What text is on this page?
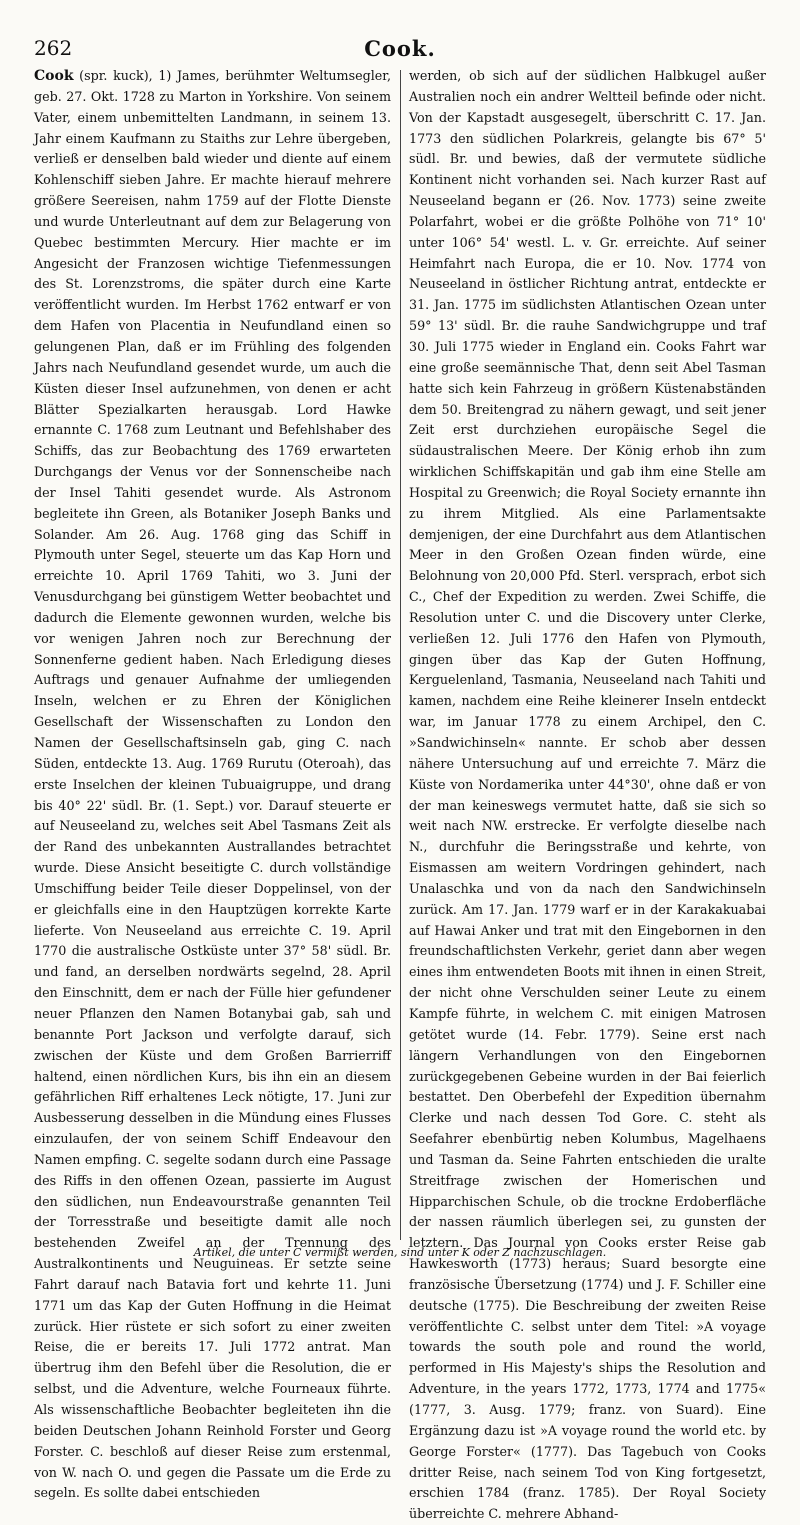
262	Cook.

Cook (spr. kuck), 1) James, berühmter Weltumsegler, geb. 27. Okt. 1728 zu Marton in Yorkshire. Von seinem Vater, einem unbemittelten Landmann, in seinem 13. Jahr einem Kaufmann zu Staiths zur Lehre übergeben, verließ er denselben bald wieder und diente auf einem Kohlenschiff sieben Jahre. Er machte hierauf mehrere größere Seereisen, nahm 1759 auf der Flotte Dienste und wurde Unterleutnant auf dem zur Belagerung von Quebec bestimmten Mercury. Hier machte er im Angesicht der Franzosen wichtige Tiefenmessungen des St. Lorenzstroms, die später durch eine Karte veröffentlicht wurden. Im Herbst 1762 entwarf er von dem Hafen von Placentia in Neufundland einen so gelungenen Plan, daß er im Frühling des folgenden Jahrs nach Neufundland gesendet wurde, um auch die Küsten dieser Insel aufzunehmen, von denen er acht Blätter Spezialkarten herausgab. Lord Hawke ernannte C. 1768 zum Leutnant und Befehlshaber des Schiffs, das zur Beobachtung des 1769 erwarteten Durchgangs der Venus vor der Sonnenscheibe nach der Insel Tahiti gesendet wurde. Als Astronom begleitete ihn Green, als Botaniker Joseph Banks und Solander. Am 26. Aug. 1768 ging das Schiff in Plymouth unter Segel, steuerte um das Kap Horn und erreichte 10. April 1769 Tahiti, wo 3. Juni der Venusdurchgang bei günstigem Wetter beobachtet und dadurch die Elemente gewonnen wurden, welche bis vor wenigen Jahren noch zur Berechnung der Sonnenferne gedient haben. Nach Erledigung dieses Auftrags und genauer Aufnahme der umliegenden Inseln, welchen er zu Ehren der Königlichen Gesellschaft der Wissenschaften zu London den Namen der Gesellschaftsinseln gab, ging C. nach Süden, entdeckte 13. Aug. 1769 Rurutu (Oteroah), das erste Inselchen der kleinen Tubuaigruppe, und drang bis 40° 22' südl. Br. (1. Sept.) vor. Darauf steuerte er auf Neuseeland zu, welches seit Abel Tasmans Zeit als der Rand des unbekannten Australlandes betrachtet wurde. Diese Ansicht beseitigte C. durch vollständige Umschiffung beider Teile dieser Doppelinsel, von der er gleichfalls eine in den Hauptzügen korrekte Karte lieferte. Von Neuseeland aus erreichte C. 19. April 1770 die australische Ostküste unter 37° 58' südl. Br. und fand, an derselben nordwärts segelnd, 28. April den Einschnitt, dem er nach der Fülle hier gefundener neuer Pflanzen den Namen Botanybai gab, sah und benannte Port Jackson und verfolgte darauf, sich zwischen der Küste und dem Großen Barrierriff haltend, einen nördlichen Kurs, bis ihn ein an diesem gefährlichen Riff erhaltenes Leck nötigte, 17. Juni zur Ausbesserung desselben in die Mündung eines Flusses einzulaufen, der von seinem Schiff Endeavour den Namen empfing. C. segelte sodann durch eine Passage des Riffs in den offenen Ozean, passierte im August den südlichen, nun Endeavourstraße genannten Teil der Torresstraße und beseitigte damit alle noch bestehenden Zweifel an der Trennung des Australkontinents und Neuguineas. Er setzte seine Fahrt darauf nach Batavia fort und kehrte 11. Juni 1771 um das Kap der Guten Hoffnung in die Heimat zurück. Hier rüstete er sich sofort zu einer zweiten Reise, die er bereits 17. Juli 1772 antrat. Man übertrug ihm den Befehl über die Resolution, die er selbst, und die Adventure, welche Fourneaux führte. Als wissenschaftliche Beobachter begleiteten ihn die beiden Deutschen Johann Reinhold Forster und Georg Forster. C. beschloß auf dieser Reise zum erstenmal, von W. nach O. und gegen die Passate um die Erde zu segeln. Es sollte dabei entschieden

werden, ob sich auf der südlichen Halbkugel außer Australien noch ein andrer Weltteil befinde oder nicht. Von der Kapstadt ausgesegelt, überschritt C. 17. Jan. 1773 den südlichen Polarkreis, gelangte bis 67° 5' südl. Br. und bewies, daß der vermutete südliche Kontinent nicht vorhanden sei. Nach kurzer Rast auf Neuseeland begann er (26. Nov. 1773) seine zweite Polarfahrt, wobei er die größte Polhöhe von 71° 10' unter 106° 54' westl. L. v. Gr. erreichte. Auf seiner Heimfahrt nach Europa, die er 10. Nov. 1774 von Neuseeland in östlicher Richtung antrat, entdeckte er 31. Jan. 1775 im südlichsten Atlantischen Ozean unter 59° 13' südl. Br. die rauhe Sandwichgruppe und traf 30. Juli 1775 wieder in England ein. Cooks Fahrt war eine große seemännische That, denn seit Abel Tasman hatte sich kein Fahrzeug in größern Küstenabständen dem 50. Breitengrad zu nähern gewagt, und seit jener Zeit erst durchziehen europäische Segel die südaustralischen Meere. Der König erhob ihn zum wirklichen Schiffskapitän und gab ihm eine Stelle am Hospital zu Greenwich; die Royal Society ernannte ihn zu ihrem Mitglied. Als eine Parlamentsakte demjenigen, der eine Durchfahrt aus dem Atlantischen Meer in den Großen Ozean finden würde, eine Belohnung von 20,000 Pfd. Sterl. versprach, erbot sich C., Chef der Expedition zu werden. Zwei Schiffe, die Resolution unter C. und die Discovery unter Clerke, verließen 12. Juli 1776 den Hafen von Plymouth, gingen über das Kap der Guten Hoffnung, Kerguelenland, Tasmania, Neuseeland nach Tahiti und kamen, nachdem eine Reihe kleinerer Inseln entdeckt war, im Januar 1778 zu einem Archipel, den C. »Sandwichinseln« nannte. Er schob aber dessen nähere Untersuchung auf und erreichte 7. März die Küste von Nordamerika unter 44°30', ohne daß er von der man keineswegs vermutet hatte, daß sie sich so weit nach NW. erstrecke. Er verfolgte dieselbe nach N., durchfuhr die Beringsstraße und kehrte, von Eismassen am weitern Vordringen gehindert, nach Unalaschka und von da nach den Sandwichinseln zurück. Am 17. Jan. 1779 warf er in der Karakakuabai auf Hawai Anker und trat mit den Eingebornen in den freundschaftlichsten Verkehr, geriet dann aber wegen eines ihm entwendeten Boots mit ihnen in einen Streit, der nicht ohne Verschulden seiner Leute zu einem Kampfe führte, in welchem C. mit einigen Matrosen getötet wurde (14. Febr. 1779). Seine erst nach längern Verhandlungen von den Eingebornen zurückgegebenen Gebeine wurden in der Bai feierlich bestattet. Den Oberbefehl der Expedition übernahm Clerke und nach dessen Tod Gore. C. steht als Seefahrer ebenbürtig neben Kolumbus, Magelhaens und Tasman da. Seine Fahrten entschieden die uralte Streitfrage zwischen der Homerischen und Hipparchischen Schule, ob die trockne Erdoberfläche der nassen räumlich überlegen sei, zu gunsten der letztern. Das Journal von Cooks erster Reise gab Hawkesworth (1773) heraus; Suard besorgte eine französische Übersetzung (1774) und J. F. Schiller eine deutsche (1775). Die Beschreibung der zweiten Reise veröffentlichte C. selbst unter dem Titel: »A voyage towards the south pole and round the world, performed in His Majesty's ships the Resolution and Adventure, in the years 1772, 1773, 1774 and 1775« (1777, 3. Ausg. 1779; franz. von Suard). Eine Ergänzung dazu ist »A voyage round the world etc. by George Forster« (1777). Das Tagebuch von Cooks dritter Reise, nach seinem Tod von King fortgesetzt, erschien 1784 (franz. 1785). Der Royal Society überreichte C. mehrere Abhand-

Artikel, die unter C vermißt werden, sind unter K oder Z nachzuschlagen.
